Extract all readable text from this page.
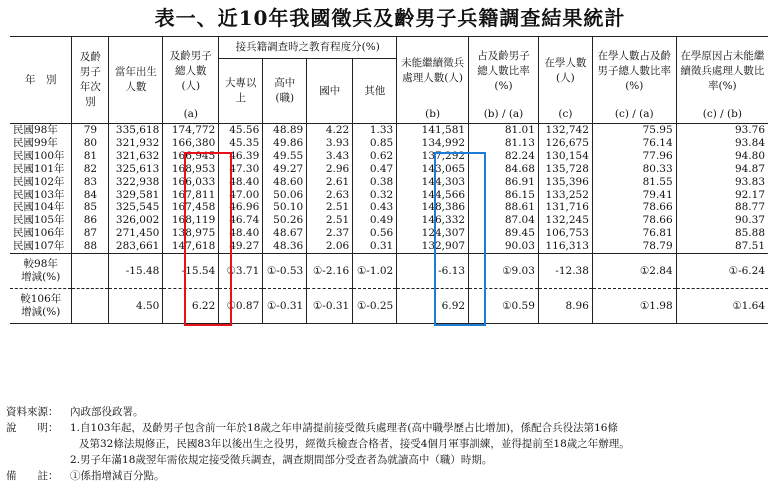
表一、近10年我國徵兵及齡男子兵籍調查結果統計
年　別	及齡男子年次別	當年出生人數	及齡男子總人數(人)	接兵籍調查時之教育程度分(%)				未能繼續徵兵處理人數(人)	占及齡男子總人數比率(%)	在學人數(人)	在學人數占及齡男子總人數比率(%)	在學原因占未能繼續徵兵處理人數比率(%)
				大專以上	高中(職)	國中	其他					
			(a)					(b)	(b) / (a)	(c)	(c) / (a)	(c) / (b)
民國98年	79	335,618	174,772	45.56	48.89	4.22	1.33	141,581	81.01	132,742	75.95	93.76
民國99年	80	321,932	166,380	45.35	49.86	3.93	0.85	134,992	81.13	126,675	76.14	93.84
民國100年	81	321,632	166,945	46.39	49.55	3.43	0.62	137,292	82.24	130,154	77.96	94.80
民國101年	82	325,613	168,953	47.30	49.27	2.96	0.47	143,065	84.68	135,728	80.33	94.87
民國102年	83	322,938	166,033	48.40	48.60	2.61	0.38	144,303	86.91	135,396	81.55	93.83
民國103年	84	329,581	167,811	47.00	50.06	2.63	0.32	144,566	86.15	133,252	79.41	92.17
民國104年	85	325,545	167,458	46.96	50.10	2.51	0.43	148,386	88.61	131,716	78.66	88.77
民國105年	86	326,002	168,119	46.74	50.26	2.51	0.49	146,332	87.04	132,245	78.66	90.37
民國106年	87	271,450	138,975	48.40	48.67	2.37	0.56	124,307	89.45	106,753	76.81	85.88
民國107年	88	283,661	147,618	49.27	48.36	2.06	0.31	132,907	90.03	116,313	78.79	87.51

較98年
增減(%)		-15.48	-15.54	①3.71	①-0.53	①-2.16	①-1.02	-6.13	①9.03	-12.38	①2.84	①-6.24

較106年
增減(%)		4.50	6.22	①0.87	①-0.31	①-0.31	①-0.25	6.92	①0.59	8.96	①1.98	①1.64
資料來源：	內政部役政署。
說　　明：	1.自103年起，及齡男子包含前一年於18歲之年申請提前接受徵兵處理者(高中職學歷占比增加)，係配合兵役法第16條
及第32條法規修正，民國83年以後出生之役男，經徵兵檢查合格者，接受4個月軍事訓練，並得提前至18歲之年辦理。
2.男子年滿18歲翌年需依規定接受徵兵調查，調查期間部分受查者為就讀高中（職）時期。
備　　註：	①係指增減百分點。
